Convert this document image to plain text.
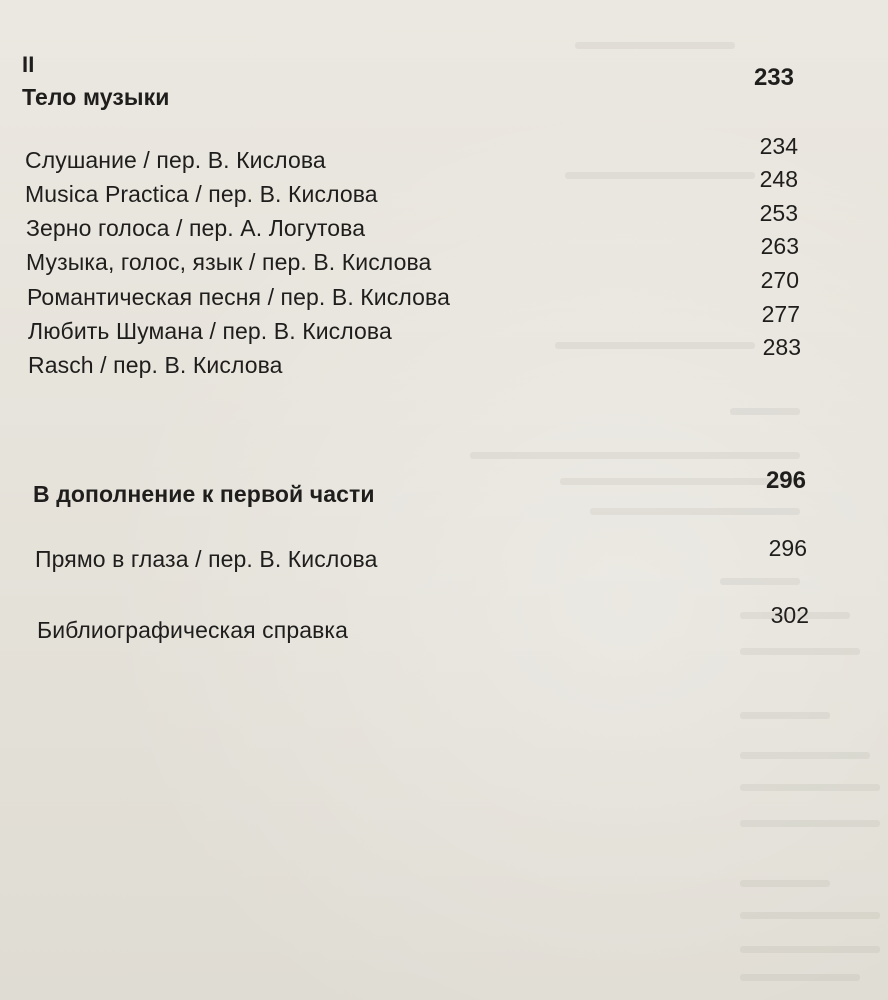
II
Тело музыки
233
Слушание / пер. В. Кислова
234
Musica Practica / пер. В. Кислова
248
Зерно голоса / пер. А. Логутова
253
Музыка, голос, язык / пер. В. Кислова
263
Романтическая песня / пер. В. Кислова
270
Любить Шумана / пер. В. Кислова
277
Rasch / пер. В. Кислова
283
В дополнение к первой части	296
Прямо в глаза / пер. В. Кислова	296
Библиографическая справка
302
